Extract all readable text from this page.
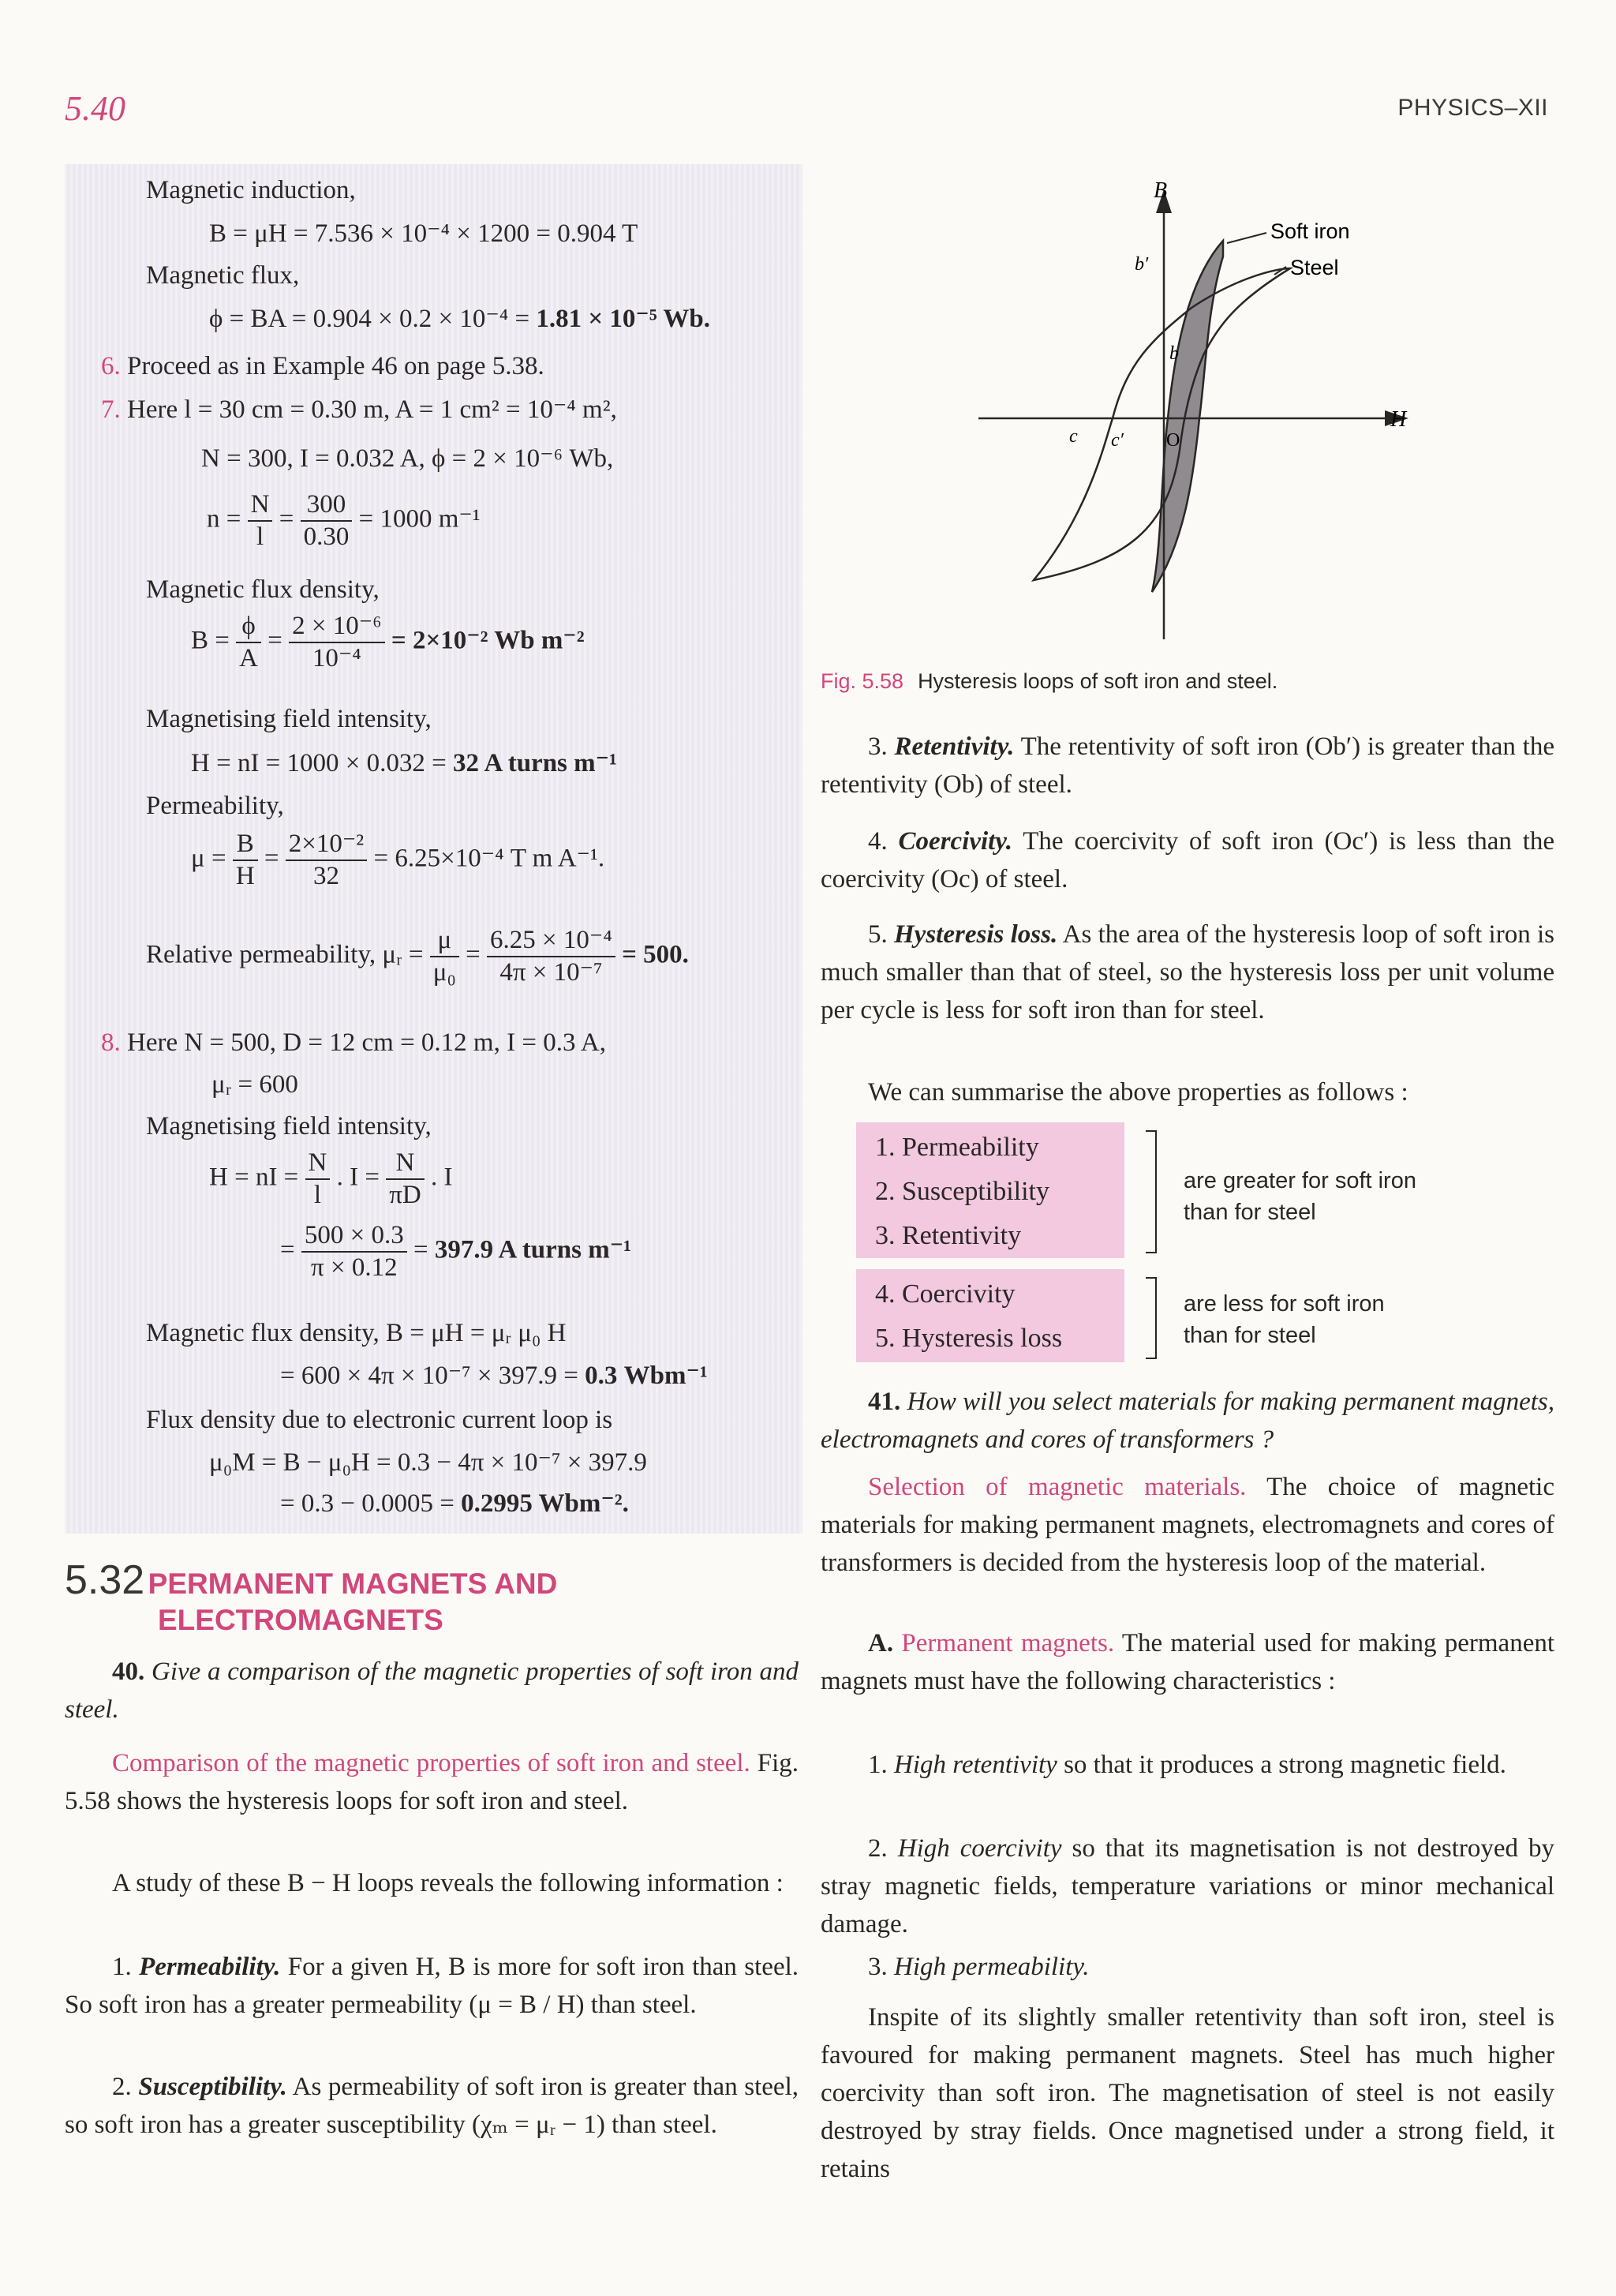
5.40	PHYSICS–XII
Magnetic induction,
B = μH = 7.536 × 10⁻⁴ × 1200 = 0.904 T
Magnetic flux,
ϕ = BA = 0.904 × 0.2 × 10⁻⁴ = 1.81 × 10⁻⁵ Wb.
6. Proceed as in Example 46 on page 5.38.
7. Here l = 30 cm = 0.30 m, A = 1 cm² = 10⁻⁴ m²,
N = 300, I = 0.032 A, ϕ = 2 × 10⁻⁶ Wb,
$n = \frac{N}{l} = \frac{300}{0.30} = 1000$ m⁻¹
Magnetic flux density,
$B = \frac{\phi}{A} = \frac{\text{2 × 10⁻⁶}}{\text{10⁻⁴}} = 2\times 10^{-2}$ Wb m⁻²
Magnetising field intensity,
H = nI = 1000 × 0.032 = 32 A turns m⁻¹
Permeability,
$\mu = \frac{B}{H} = \frac{\text{2×10⁻²}}{32} = 6.25\times 10^{-4}$ T m A⁻¹.
Relative permeability, μᵣ = $\frac{\mu}{\text{μ₀}} = \frac{\text{6.25 × 10⁻⁴}}{\text{4π × 10⁻⁷}} = 500$.
8. Here N = 500, D = 12 cm = 0.12 m, I = 0.3 A,
μᵣ = 600
Magnetising field intensity,
H = nI = $\frac{N}{l}$ . $I = \frac{N}{\pi D}$ . I
= $\frac{500 \times 0.3}{\pi \times 0.12} = 397.9$ A turns m⁻¹
Magnetic flux density, B = μH = μᵣ μ₀ H
= 600 × 4π × 10⁻⁷ × 397.9 = 0.3 Wbm⁻¹
Flux density due to electronic current loop is
μ₀M = B − μ₀H = 0.3 − 4π × 10⁻⁷ × 397.9
= 0.3 − 0.0005 = 0.2995 Wbm⁻².
5.32 PERMANENT MAGNETS AND
ELECTROMAGNETS
40. Give a comparison of the magnetic properties of soft iron and steel.
Comparison of the magnetic properties of soft iron and steel. Fig. 5.58 shows the hysteresis loops for soft iron and steel.
A study of these B − H loops reveals the following information :
1. Permeability. For a given H, B is more for soft iron than steel. So soft iron has a greater permeability (μ = B / H) than steel.
2. Susceptibility. As permeability of soft iron is greater than steel, so soft iron has a greater susceptibility (χₘ = μᵣ − 1) than steel.
B
H
Soft iron
Steel
b′
b
c c′ O
Fig. 5.58 Hysteresis loops of soft iron and steel.
3. Retentivity. The retentivity of soft iron (Ob′) is greater than the retentivity (Ob) of steel.
4. Coercivity. The coercivity of soft iron (Oc′) is less than the coercivity (Oc) of steel.
5. Hysteresis loss. As the area of the hysteresis loop of soft iron is much smaller than that of steel, so the hysteresis loss per unit volume per cycle is less for soft iron than for steel.
We can summarise the above properties as follows :
1. Permeability
2. Susceptibility
3. Retentivity
are greater for soft iron
than for steel
4. Coercivity
5. Hysteresis loss
are less for soft iron
than for steel
41. How will you select materials for making permanent magnets, electromagnets and cores of transformers ?
Selection of magnetic materials. The choice of magnetic materials for making permanent magnets, electromagnets and cores of transformers is decided from the hysteresis loop of the material.
A. Permanent magnets. The material used for making permanent magnets must have the following characteristics :
1. High retentivity so that it produces a strong magnetic field.
2. High coercivity so that its magnetisation is not destroyed by stray magnetic fields, temperature variations or minor mechanical damage.
3. High permeability.
Inspite of its slightly smaller retentivity than soft iron, steel is favoured for making permanent magnets. Steel has much higher coercivity than soft iron. The magnetisation of steel is not easily destroyed by stray fields. Once magnetised under a strong field, it retains
